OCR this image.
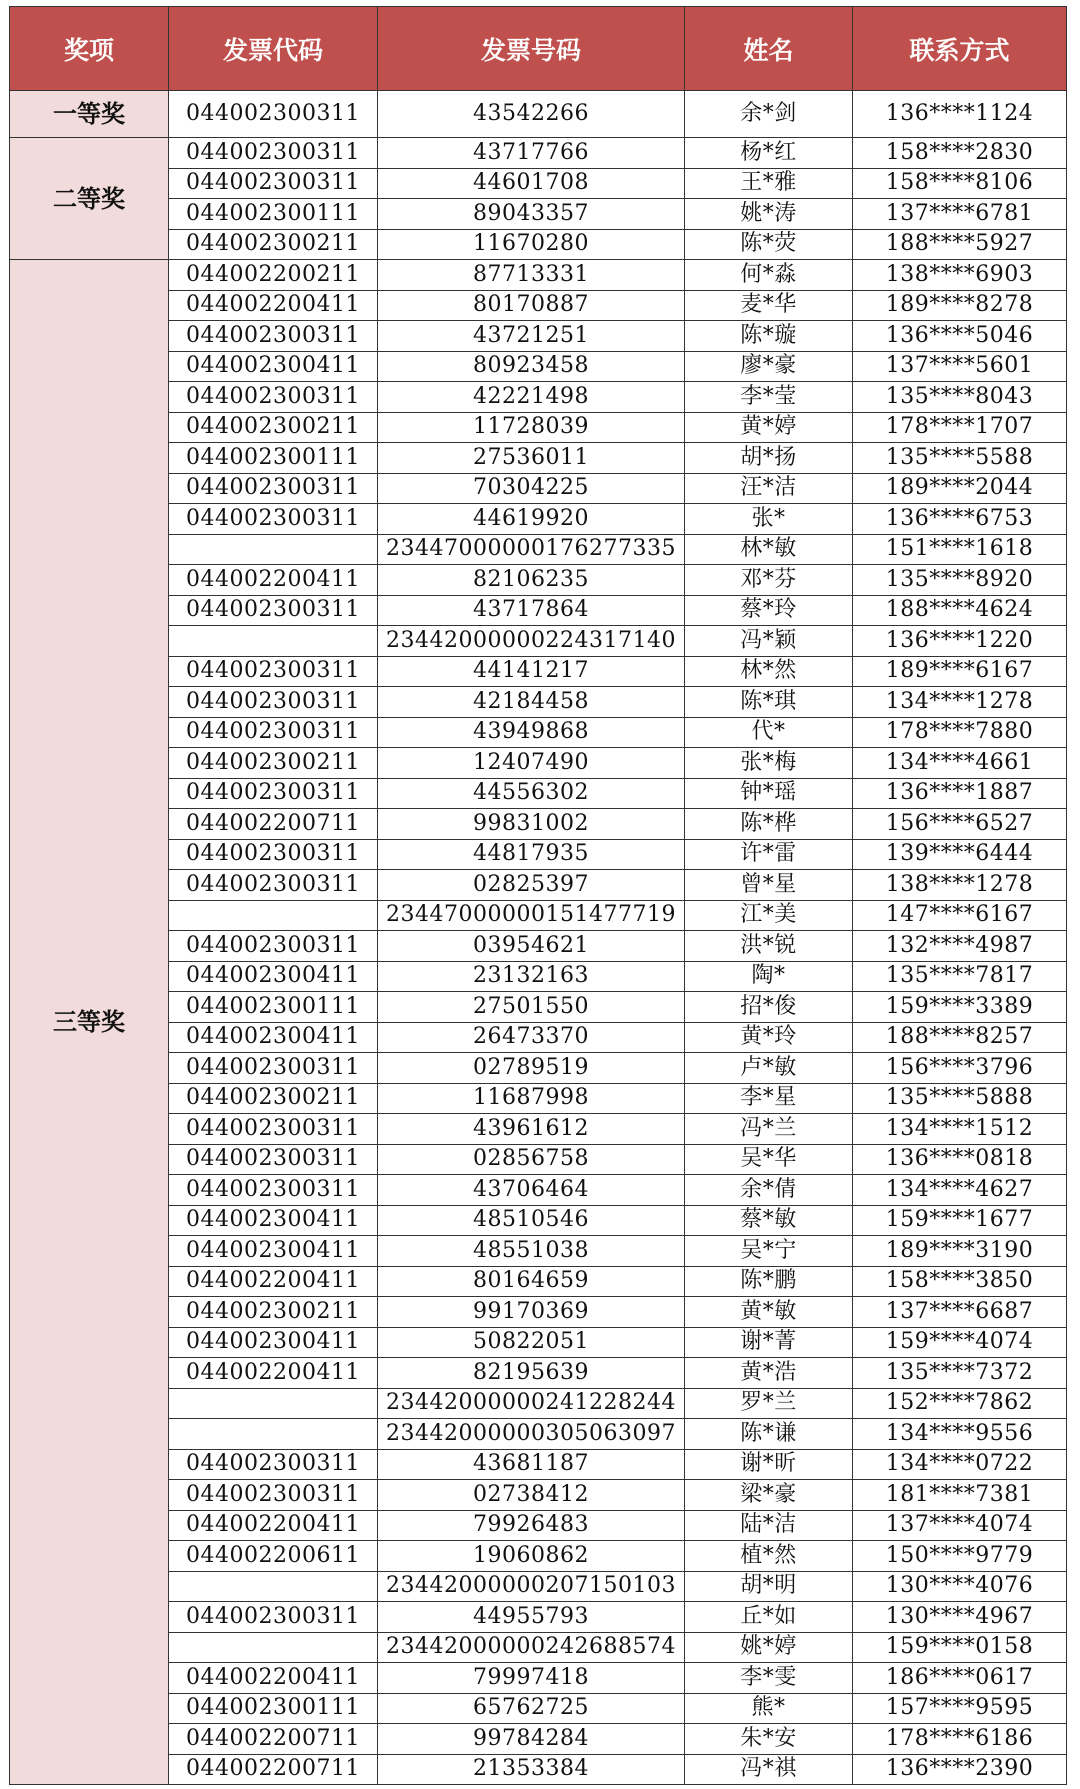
奖项	发票代码	发票号码	姓名	联系方式
一等奖	044002300311	43542266	余*剑	136****1124
二等奖	044002300311	43717766	杨*红	158****2830
	044002300311	44601708	王*雅	158****8106
	044002300111	89043357	姚*涛	137****6781
	044002300211	11670280	陈*荧	188****5927
三等奖	044002200211	87713331	何*淼	138****6903
	044002200411	80170887	麦*华	189****8278
	044002300311	43721251	陈*璇	136****5046
	044002300411	80923458	廖*豪	137****5601
	044002300311	42221498	李*莹	135****8043
	044002300211	11728039	黄*婷	178****1707
	044002300111	27536011	胡*扬	135****5588
	044002300311	70304225	汪*洁	189****2044
	044002300311	44619920	张*	136****6753
		23447000000176277335	林*敏	151****1618
	044002200411	82106235	邓*芬	135****8920
	044002300311	43717864	蔡*玲	188****4624
		23442000000224317140	冯*颖	136****1220
	044002300311	44141217	林*然	189****6167
	044002300311	42184458	陈*琪	134****1278
	044002300311	43949868	代*	178****7880
	044002300211	12407490	张*梅	134****4661
	044002300311	44556302	钟*瑶	136****1887
	044002200711	99831002	陈*桦	156****6527
	044002300311	44817935	许*雷	139****6444
	044002300311	02825397	曾*星	138****1278
		23447000000151477719	江*美	147****6167
	044002300311	03954621	洪*锐	132****4987
	044002300411	23132163	陶*	135****7817
	044002300111	27501550	招*俊	159****3389
	044002300411	26473370	黄*玲	188****8257
	044002300311	02789519	卢*敏	156****3796
	044002300211	11687998	李*星	135****5888
	044002300311	43961612	冯*兰	134****1512
	044002300311	02856758	吴*华	136****0818
	044002300311	43706464	余*倩	134****4627
	044002300411	48510546	蔡*敏	159****1677
	044002300411	48551038	吴*宁	189****3190
	044002200411	80164659	陈*鹏	158****3850
	044002300211	99170369	黄*敏	137****6687
	044002300411	50822051	谢*菁	159****4074
	044002200411	82195639	黄*浩	135****7372
		23442000000241228244	罗*兰	152****7862
		23442000000305063097	陈*谦	134****9556
	044002300311	43681187	谢*昕	134****0722
	044002300311	02738412	梁*豪	181****7381
	044002200411	79926483	陆*洁	137****4074
	044002200611	19060862	植*然	150****9779
		23442000000207150103	胡*明	130****4076
	044002300311	44955793	丘*如	130****4967
		23442000000242688574	姚*婷	159****0158
	044002200411	79997418	李*雯	186****0617
	044002300111	65762725	熊*	157****9595
	044002200711	99784284	朱*安	178****6186
	044002200711	21353384	冯*祺	136****2390
